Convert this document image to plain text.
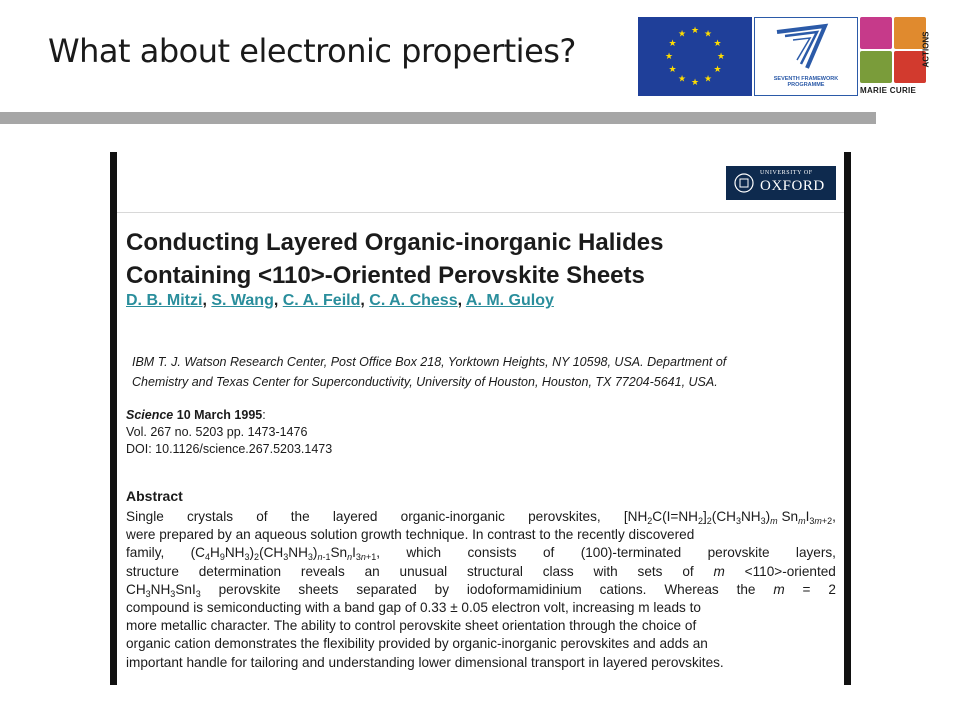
What about electronic properties?
★ ★
★
★
★
★
★
★
★
★
★
★
SEVENTH FRAMEWORK
PROGRAMME
ACTIONS
MARIE CURIE
UNIVERSITY OF
OXFORD
Conducting Layered Organic-inorganic Halides
Containing <110>-Oriented Perovskite Sheets
D. B. Mitzi, S. Wang, C. A. Feild, C. A. Chess, A. M. Guloy
IBM T. J. Watson Research Center, Post Office Box 218, Yorktown Heights, NY 10598, USA. Department of
Chemistry and Texas Center for Superconductivity, University of Houston, Houston, TX 77204-5641, USA.
Science 10 March 1995:
Vol. 267 no. 5203 pp. 1473-1476
DOI: 10.1126/science.267.5203.1473
Abstract
Single crystals of the layered organic-inorganic perovskites, [$NH_2C(I=NH_2]_2(CH_3NH_3)_m$ $Sn_mI_{3m+2}$,
were prepared by an aqueous solution growth technique. In contrast to the recently discovered
family, $(C_4H_9NH_3)_2(CH_3NH_3)_{n-1}Sn_nI_{3n+1}$, which consists of (100)-terminated perovskite layers,
structure determination reveals an unusual structural class with sets of m <110>-oriented
$CH_3NH_3SnI_3$ perovskite sheets separated by iodoformamidinium cations. Whereas the m = 2
compound is semiconducting with a band gap of 0.33 ± 0.05 electron volt, increasing m leads to
more metallic character. The ability to control perovskite sheet orientation through the choice of
organic cation demonstrates the flexibility provided by organic-inorganic perovskites and adds an
important handle for tailoring and understanding lower dimensional transport in layered perovskites.
